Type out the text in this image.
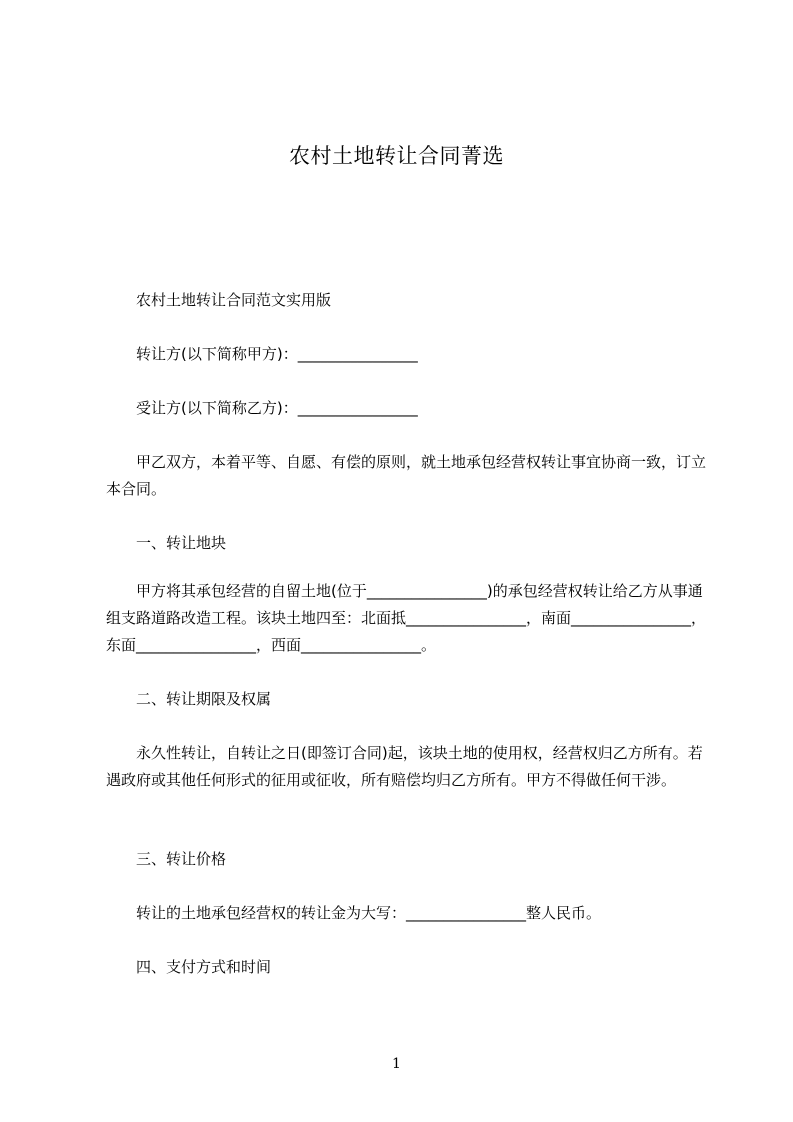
农村土地转让合同菁选
　　农村土地转让合同范文实用版
　　转让方(以下简称甲方)：________________
　　受让方(以下简称乙方)：________________
　　甲乙双方，本着平等、自愿、有偿的原则，就土地承包经营权转让事宜协商一致，订立本合同。
　　一、转让地块
　　甲方将其承包经营的自留土地(位于________________)的承包经营权转让给乙方从事通组支路道路改造工程。该块土地四至：北面抵________________，南面________________，东面________________，西面________________。
　　二、转让期限及权属
　　永久性转让，自转让之日(即签订合同)起，该块土地的使用权，经营权归乙方所有。若遇政府或其他任何形式的征用或征收，所有赔偿均归乙方所有。甲方不得做任何干涉。
　　三、转让价格
　　转让的土地承包经营权的转让金为大写：________________整人民币。
　　四、支付方式和时间
1
